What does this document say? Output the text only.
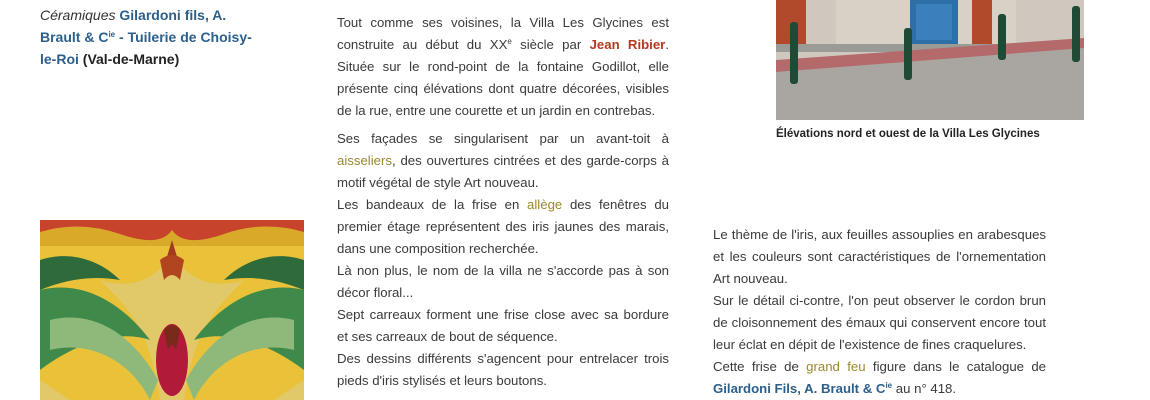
Céramiques Gilardoni fils, A.
Brault & $C^{ie}$ - Tuilerie de Choisy-
le-Roi (Val-de-Marne)

Tout comme ses voisines, la Villa Les Glycines est construite au début du XXe siècle par Jean Ribier. Située sur le rond-point de la fontaine Godillot, elle présente cinq élévations dont quatre décorées, visibles de la rue, entre une courette et un jardin en contrebas.

Ses façades se singularisent par un avant-toit à aisseliers, des ouvertures cintrées et des garde-corps à motif végétal de style Art nouveau.

Les bandeaux de la frise en allège des fenêtres du premier étage représentent des iris jaunes des marais, dans une composition recherchée.

Là non plus, le nom de la villa ne s'accorde pas à son décor floral...

Sept carreaux forment une frise close avec sa bordure et ses carreaux de bout de séquence.

Des dessins différents s'agencent pour entrelacer trois pieds d'iris stylisés et leurs boutons.

Élévations nord et ouest de la Villa Les Glycines

Le thème de l'iris, aux feuilles assouplies en arabesques et les couleurs sont caractéristiques de l'ornementation Art nouveau.

Sur le détail ci-contre, l'on peut observer le cordon brun de cloisonnement des émaux qui conservent encore tout leur éclat en dépit de l'existence de fines craquelures.

Cette frise de grand feu figure dans le catalogue de Gilardoni Fils, A. Brault & $C^{ie}$ au n° 418.
